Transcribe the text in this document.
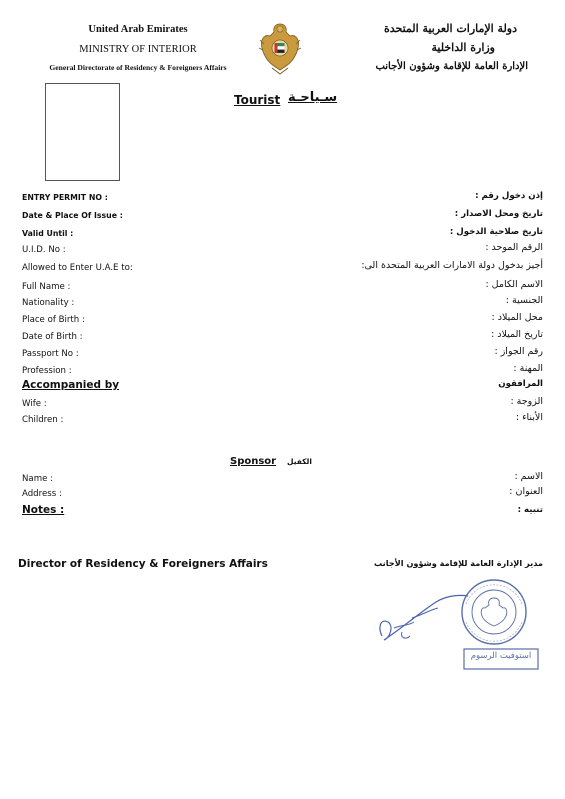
United Arab Emirates
MINISTRY OF INTERIOR
General Directorate of Residency & Foreigners Affairs
دولة الإمارات العربية المتحدة
وزارة الداخلية
الإدارة العامة للإقامة وشؤون الأجانب
Tourist سـياحـة
ENTRY PERMIT NO :	إذن دخول رقم :
Date & Place Of Issue :	تاريخ ومحل الاصدار :
Valid Until :	تاريخ صلاحية الدخول :
U.I.D. No :	الرقم الموحد :
Allowed to Enter U.A.E to:	أجيز بدخول دولة الامارات العربية المتحدة الى:
Full Name :	الاسم الكامل :
Nationality :	الجنسية :
Place of Birth :	محل الميلاد :
Date of Birth :	تاريخ الميلاد :
Passport No :	رقم الجواز :
Profession :	المهنة :
Accompanied by	المرافقون
Wife :	الزوجة :
Children :	الأبناء :
Sponsor الكفيل
Name :	الاسم :
Address :	العنوان :
Notes :	تنبيه :
Director of Residency & Foreigners Affairs	مدير الإدارة العامة للإقامة وشؤون الأجانب
استوفيت الرسوم
